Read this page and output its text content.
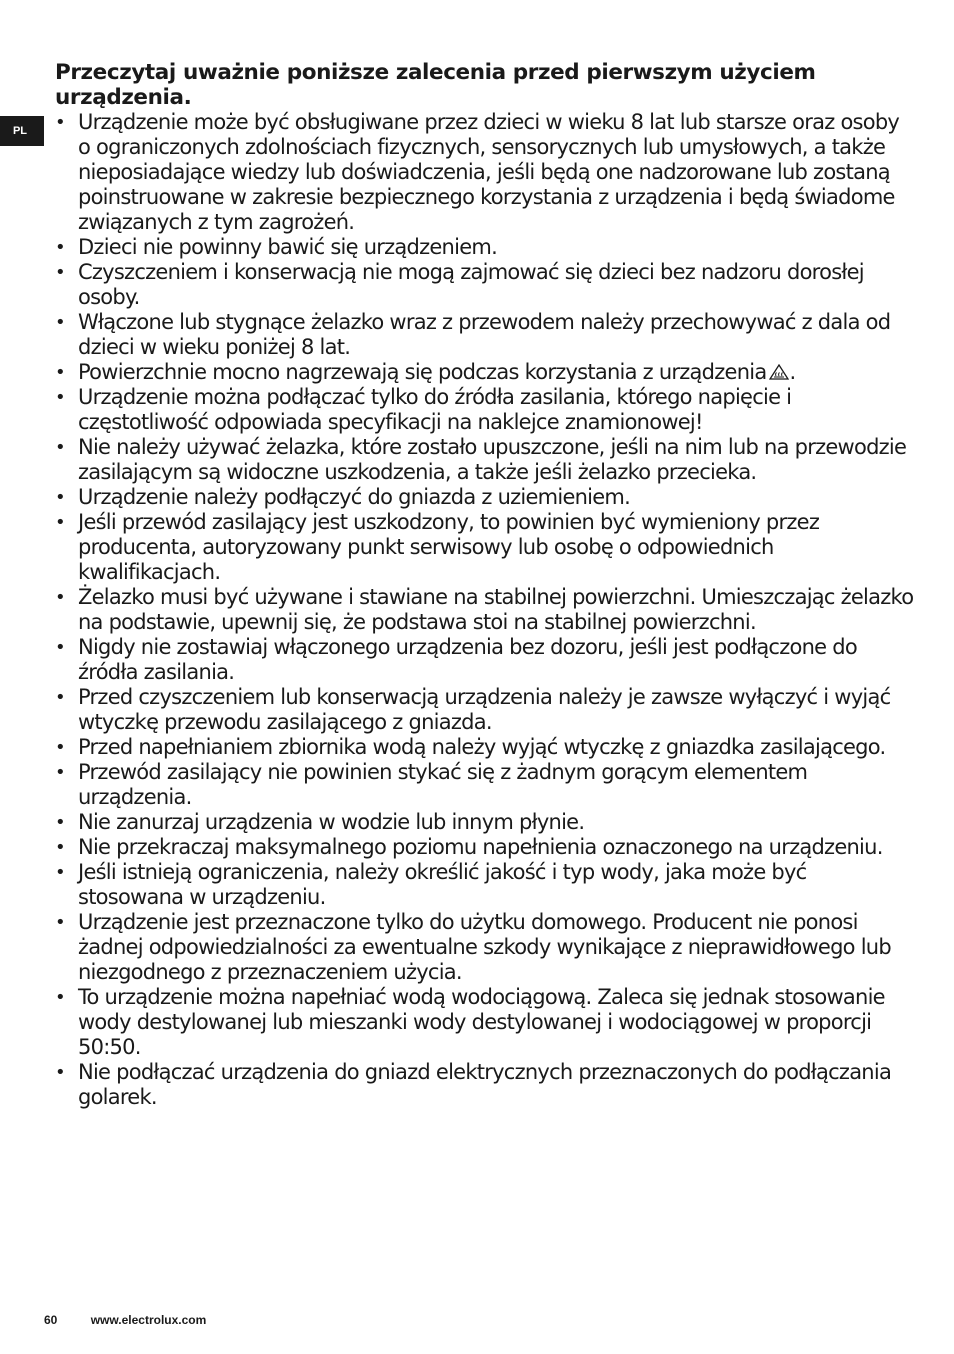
PL
Przeczytaj uważnie poniższe zalecenia przed pierwszym użyciem urządzenia.
• Urządzenie może być obsługiwane przez dzieci w wieku 8 lat lub starsze oraz osoby o ograniczonych zdolnościach fizycznych, sensorycznych lub umysłowych, a także nieposiadające wiedzy lub doświadczenia, jeśli będą one nadzorowane lub zostaną poinstruowane w zakresie bezpiecznego korzystania z urządzenia i będą świadome związanych z tym zagrożeń.
• Dzieci nie powinny bawić się urządzeniem.
• Czyszczeniem i konserwacją nie mogą zajmować się dzieci bez nadzoru dorosłej osoby.
• Włączone lub stygnące żelazko wraz z przewodem należy przechowywać z dala od dzieci w wieku poniżej 8 lat.
• Powierzchnie mocno nagrzewają się podczas korzystania z urządzenia .
• Urządzenie można podłączać tylko do źródła zasilania, którego napięcie i częstotliwość odpowiada specyfikacji na naklejce znamionowej!
• Nie należy używać żelazka, które zostało upuszczone, jeśli na nim lub na przewodzie zasilającym są widoczne uszkodzenia, a także jeśli żelazko przecieka.
• Urządzenie należy podłączyć do gniazda z uziemieniem.
• Jeśli przewód zasilający jest uszkodzony, to powinien być wymieniony przez producenta, autoryzowany punkt serwisowy lub osobę o odpowiednich kwalifikacjach.
• Żelazko musi być używane i stawiane na stabilnej powierzchni. Umieszczając żelazko na podstawie, upewnij się, że podstawa stoi na stabilnej powierzchni.
• Nigdy nie zostawiaj włączonego urządzenia bez dozoru, jeśli jest podłączone do źródła zasilania.
• Przed czyszczeniem lub konserwacją urządzenia należy je zawsze wyłączyć i wyjąć wtyczkę przewodu zasilającego z gniazda.
• Przed napełnianiem zbiornika wodą należy wyjąć wtyczkę z gniazdka zasilającego.
• Przewód zasilający nie powinien stykać się z żadnym gorącym elementem urządzenia.
• Nie zanurzaj urządzenia w wodzie lub innym płynie.
• Nie przekraczaj maksymalnego poziomu napełnienia oznaczonego na urządzeniu.
• Jeśli istnieją ograniczenia, należy określić jakość i typ wody, jaka może być stosowana w urządzeniu.
• Urządzenie jest przeznaczone tylko do użytku domowego. Producent nie ponosi żadnej odpowiedzialności za ewentualne szkody wynikające z nieprawidłowego lub niezgodnego z przeznaczeniem użycia.
• To urządzenie można napełniać wodą wodociągową. Zaleca się jednak stosowanie wody destylowanej lub mieszanki wody destylowanej i wodociągowej w proporcji 50:50.
• Nie podłączać urządzenia do gniazd elektrycznych przeznaczonych do podłączania golarek.
60	www.electrolux.com
